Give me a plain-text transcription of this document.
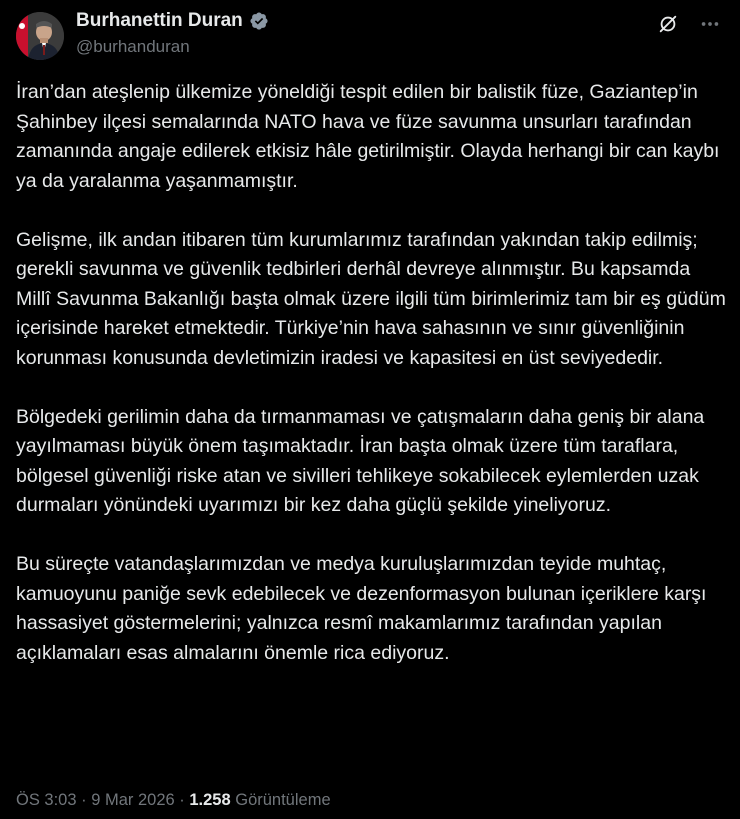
Burhanettin Duran
@burhanduran

İran’dan ateşlenip ülkemize yöneldiği tespit edilen bir balistik füze, Gaziantep’in Şahinbey ilçesi semalarında NATO hava ve füze savunma unsurları tarafından zamanında angaje edilerek etkisiz hâle getirilmiştir. Olayda herhangi bir can kaybı ya da yaralanma yaşanmamıştır.

Gelişme, ilk andan itibaren tüm kurumlarımız tarafından yakından takip edilmiş; gerekli savunma ve güvenlik tedbirleri derhâl devreye alınmıştır. Bu kapsamda Millî Savunma Bakanlığı başta olmak üzere ilgili tüm birimlerimiz tam bir eş güdüm içerisinde hareket etmektedir. Türkiye’nin hava sahasının ve sınır güvenliğinin korunması konusunda devletimizin iradesi ve kapasitesi en üst seviyededir.

Bölgedeki gerilimin daha da tırmanmaması ve çatışmaların daha geniş bir alana yayılmaması büyük önem taşımaktadır. İran başta olmak üzere tüm taraflara, bölgesel güvenliği riske atan ve sivilleri tehlikeye sokabilecek eylemlerden uzak durmaları yönündeki uyarımızı bir kez daha güçlü şekilde yineliyoruz.

Bu süreçte vatandaşlarımızdan ve medya kuruluşlarımızdan teyide muhtaç, kamuoyunu paniğe sevk edebilecek ve dezenformasyon bulunan içeriklere karşı hassasiyet göstermelerini; yalnızca resmî makamlarımız tarafından yapılan açıklamaları esas almalarını önemle rica ediyoruz.

ÖS 3:03 · 9 Mar 2026 · 1.258 Görüntüleme
